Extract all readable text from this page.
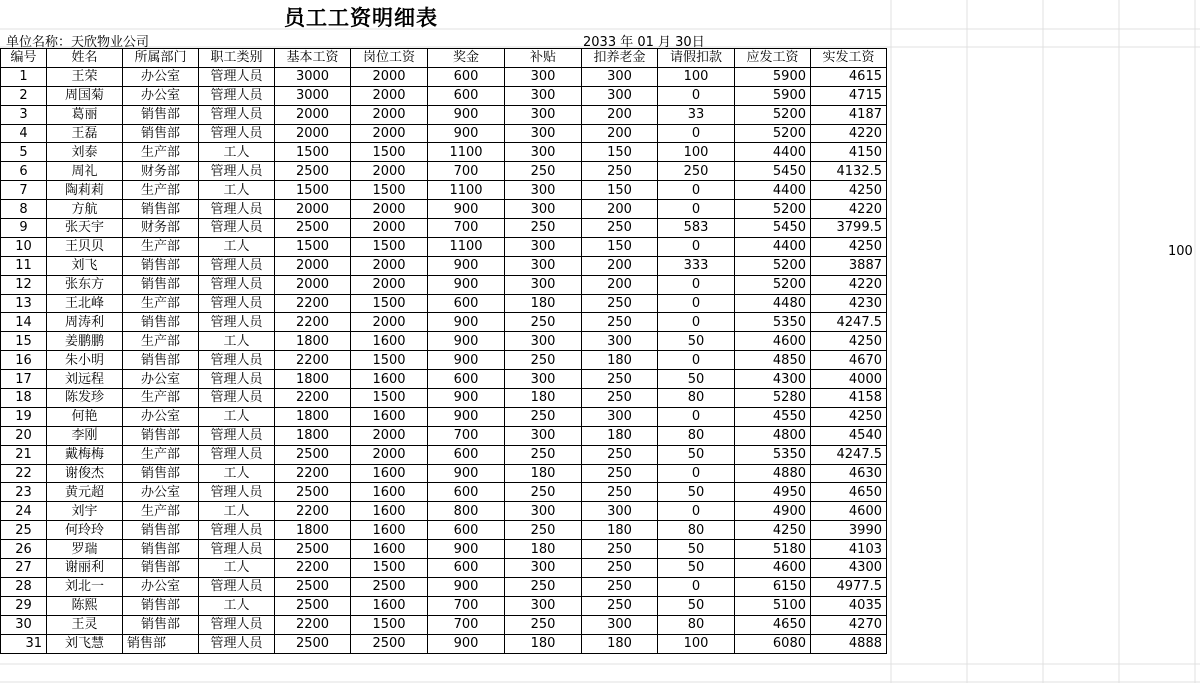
员工工资明细表
单位名称：天欣物业公司	2033 年 01 月 30日
100
编号	姓名	所属部门	职工类别	基本工资	岗位工资	奖金	补贴	扣养老金	请假扣款	应发工资	实发工资
1	王荣	办公室	管理人员	3000	2000	600	300	300	100	5900	4615
2	周国菊	办公室	管理人员	3000	2000	600	300	300	0	5900	4715
3	葛丽	销售部	管理人员	2000	2000	900	300	200	33	5200	4187
4	王磊	销售部	管理人员	2000	2000	900	300	200	0	5200	4220
5	刘泰	生产部	工人	1500	1500	1100	300	150	100	4400	4150
6	周礼	财务部	管理人员	2500	2000	700	250	250	250	5450	4132.5
7	陶莉莉	生产部	工人	1500	1500	1100	300	150	0	4400	4250
8	方航	销售部	管理人员	2000	2000	900	300	200	0	5200	4220
9	张天宇	财务部	管理人员	2500	2000	700	250	250	583	5450	3799.5
10	王贝贝	生产部	工人	1500	1500	1100	300	150	0	4400	4250
11	刘飞	销售部	管理人员	2000	2000	900	300	200	333	5200	3887
12	张东方	销售部	管理人员	2000	2000	900	300	200	0	5200	4220
13	王北峰	生产部	管理人员	2200	1500	600	180	250	0	4480	4230
14	周涛利	销售部	管理人员	2200	2000	900	250	250	0	5350	4247.5
15	姜鹏鹏	生产部	工人	1800	1600	900	300	300	50	4600	4250
16	朱小明	销售部	管理人员	2200	1500	900	250	180	0	4850	4670
17	刘远程	办公室	管理人员	1800	1600	600	300	250	50	4300	4000
18	陈发珍	生产部	管理人员	2200	1500	900	180	250	80	5280	4158
19	何艳	办公室	工人	1800	1600	900	250	300	0	4550	4250
20	李刚	销售部	管理人员	1800	2000	700	300	180	80	4800	4540
21	戴梅梅	生产部	管理人员	2500	2000	600	250	250	50	5350	4247.5
22	谢俊杰	销售部	工人	2200	1600	900	180	250	0	4880	4630
23	黄元超	办公室	管理人员	2500	1600	600	250	250	50	4950	4650
24	刘宇	生产部	工人	2200	1600	800	300	300	0	4900	4600
25	何玲玲	销售部	管理人员	1800	1600	600	250	180	80	4250	3990
26	罗瑞	销售部	管理人员	2500	1600	900	180	250	50	5180	4103
27	谢丽利	销售部	工人	2200	1500	600	300	250	50	4600	4300
28	刘北一	办公室	管理人员	2500	2500	900	250	250	0	6150	4977.5
29	陈熙	销售部	工人	2500	1600	700	300	250	50	5100	4035
30	王灵	销售部	管理人员	2200	1500	700	250	300	80	4650	4270
31	刘飞慧	销售部	管理人员	2500	2500	900	180	180	100	6080	4888
